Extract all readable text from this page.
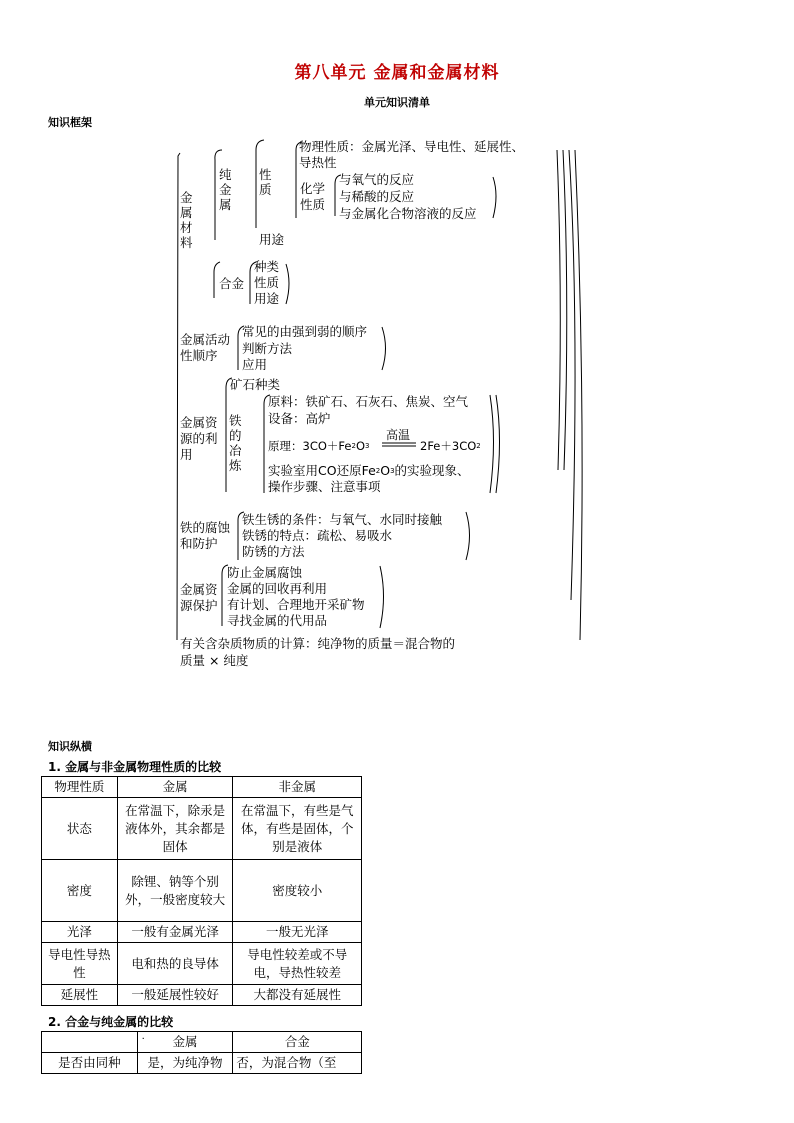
第八单元 金属和金属材料
单元知识清单
知识框架
金属材料
纯金属
性质
物理性质：金属光泽、导电性、延展性、
导热性
化学性质
与氧气的反应
与稀酸的反应
与金属化合物溶液的反应
用途
合金
种类
性质
用途
金属活动性顺序
常见的由强到弱的顺序
判断方法
应用
金属资源的利用
矿石种类
铁的冶炼
原料：铁矿石、石灰石、焦炭、空气
设备：高炉
原理：$3CO+Fe^2O^3$
高温
$2Fe+3CO^2$
实验室用CO还原$Fe^2O^3$的实验现象、
操作步骤、注意事项
铁的腐蚀和防护
铁生锈的条件：与氧气、水同时接触
铁锈的特点：疏松、易吸水
防锈的方法
金属资源保护
防止金属腐蚀
金属的回收再利用
有计划、合理地开采矿物
寻找金属的代用品
有关含杂质物质的计算：纯净物的质量＝混合物的
质量 × 纯度
知识纵横
1. 金属与非金属物理性质的比较
物理性质	金属	非金属
状态	在常温下，除汞是液体外，其余都是固体	在常温下，有些是气体，有些是固体，个别是液体
密度	除锂、钠等个别外，一般密度较大	密度较小
光泽	一般有金属光泽	一般无光泽
导电性导热性	电和热的良导体	导电性较差或不导电，导热性较差
延展性	一般延展性较好	大都没有延展性
2. 合金与纯金属的比较

	. 金属	合金
是否由同种	是，为纯净物	否，为混合物（至
